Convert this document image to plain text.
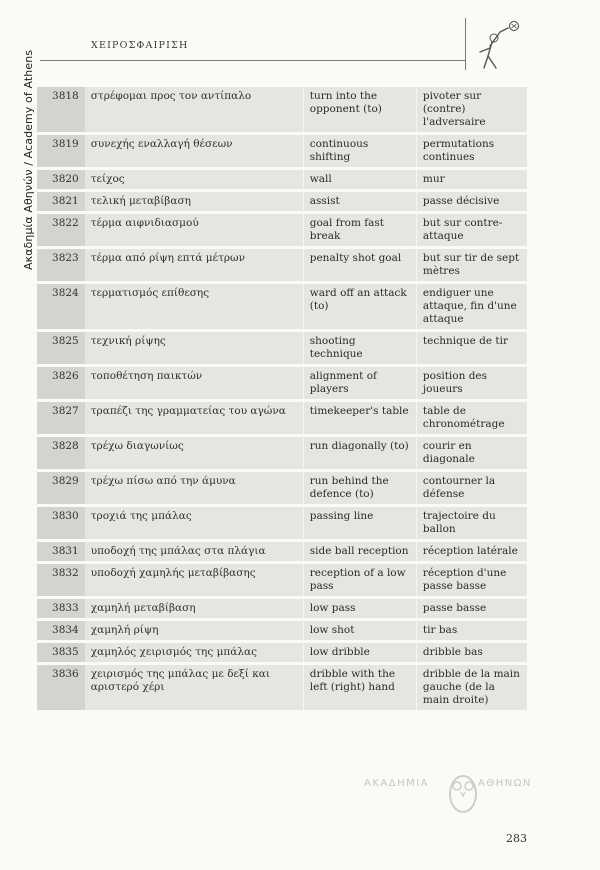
Ακαδημία Αθηνών / Academy of Athens
ΧΕΙΡΟΣΦΑΙΡΙΣΗ
3818	στρέφομαι προς τον αντίπαλο	turn into the opponent (to)	pivoter sur (contre) l'adversaire
3819	συνεχής εναλλαγή θέσεων	continuous shifting	permutations continues
3820	τείχος	wall	mur
3821	τελική μεταβίβαση	assist	passe décisive
3822	τέρμα αιφνιδιασμού	goal from fast break	but sur contre-attaque
3823	τέρμα από ρίψη επτά μέτρων	penalty shot goal	but sur tir de sept mètres
3824	τερματισμός επίθεσης	ward off an attack (to)	endiguer une attaque, fin d'une attaque
3825	τεχνική ρίψης	shooting technique	technique de tir
3826	τοποθέτηση παικτών	alignment of players	position des joueurs
3827	τραπέζι της γραμματείας του αγώνα	timekeeper's table	table de chronométrage
3828	τρέχω διαγωνίως	run diagonally (to)	courir en diagonale
3829	τρέχω πίσω από την άμυνα	run behind the defence (to)	contourner la défense
3830	τροχιά της μπάλας	passing line	trajectoire du ballon
3831	υποδοχή της μπάλας στα πλάγια	side ball reception	réception latérale
3832	υποδοχή χαμηλής μεταβίβασης	reception of a low pass	réception d'une passe basse
3833	χαμηλή μεταβίβαση	low pass	passe basse
3834	χαμηλή ρίψη	low shot	tir bas
3835	χαμηλός χειρισμός της μπάλας	low dribble	dribble bas
3836	χειρισμός της μπάλας με δεξί και αριστερό χέρι	dribble with the left (right) hand	dribble de la main gauche (de la main droite)
ΑΚΑΔΗΜΙΑ	ΑΘΗΝΩΝ
283
